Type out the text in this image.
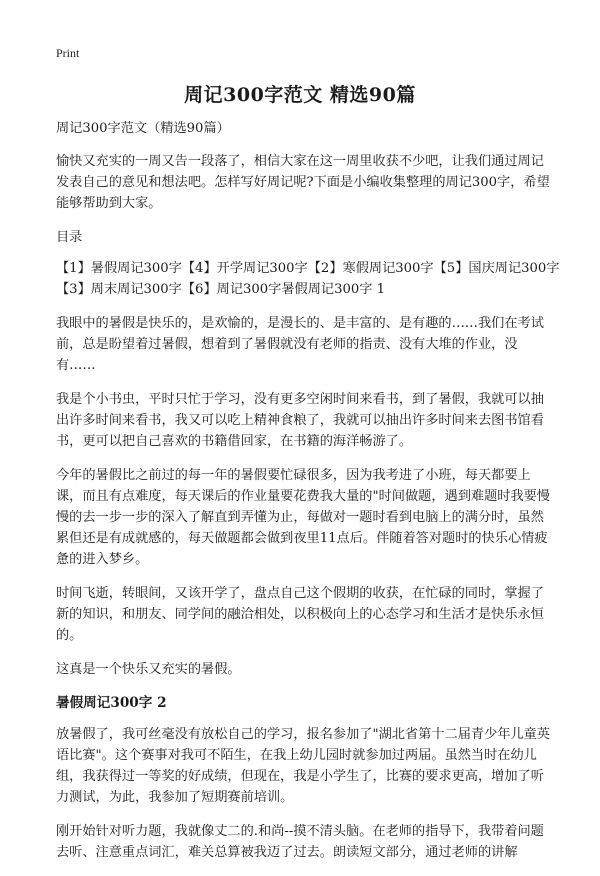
Print
周记300字范文 精选90篇

周记300字范文（精选90篇）

愉快又充实的一周又告一段落了，相信大家在这一周里收获不少吧，让我们通过周记发表自己的意见和想法吧。怎样写好周记呢?下面是小编收集整理的周记300字，希望能够帮助到大家。

目录

【1】暑假周记300字【4】开学周记300字【2】寒假周记300字【5】国庆周记300字
【3】周末周记300字【6】周记300字暑假周记300字 1

我眼中的暑假是快乐的，是欢愉的，是漫长的、是丰富的、是有趣的……我们在考试前，总是盼望着过暑假，想着到了暑假就没有老师的指责、没有大堆的作业，没有……

我是个小书虫，平时只忙于学习，没有更多空闲时间来看书，到了暑假，我就可以抽出许多时间来看书，我又可以吃上精神食粮了，我就可以抽出许多时间来去图书馆看书，更可以把自己喜欢的书籍借回家，在书籍的海洋畅游了。

今年的暑假比之前过的每一年的暑假要忙碌很多，因为我考进了小班，每天都要上课，而且有点难度，每天课后的作业量要花费我大量的"时间做题，遇到难题时我要慢慢的去一步一步的深入了解直到弄懂为止，每做对一题时看到电脑上的满分时，虽然累但还是有成就感的，每天做题都会做到夜里11点后。伴随着答对题时的快乐心情疲惫的进入梦乡。

时间飞逝，转眼间，又该开学了，盘点自己这个假期的收获，在忙碌的同时，掌握了新的知识，和朋友、同学间的融洽相处，以积极向上的心态学习和生活才是快乐永恒的。

这真是一个快乐又充实的暑假。

暑假周记300字 2

放暑假了，我可丝毫没有放松自己的学习，报名参加了"湖北省第十二届青少年儿童英语比赛"。这个赛事对我可不陌生，在我上幼儿园时就参加过两届。虽然当时在幼儿组，我获得过一等奖的好成绩，但现在，我是小学生了，比赛的要求更高，增加了听力测试，为此，我参加了短期赛前培训。

刚开始针对听力题，我就像丈二的.和尚--摸不清头脑。在老师的指导下，我带着问题去听、注意重点词汇，难关总算被我迈了过去。朗读短文部分，通过老师的讲解
